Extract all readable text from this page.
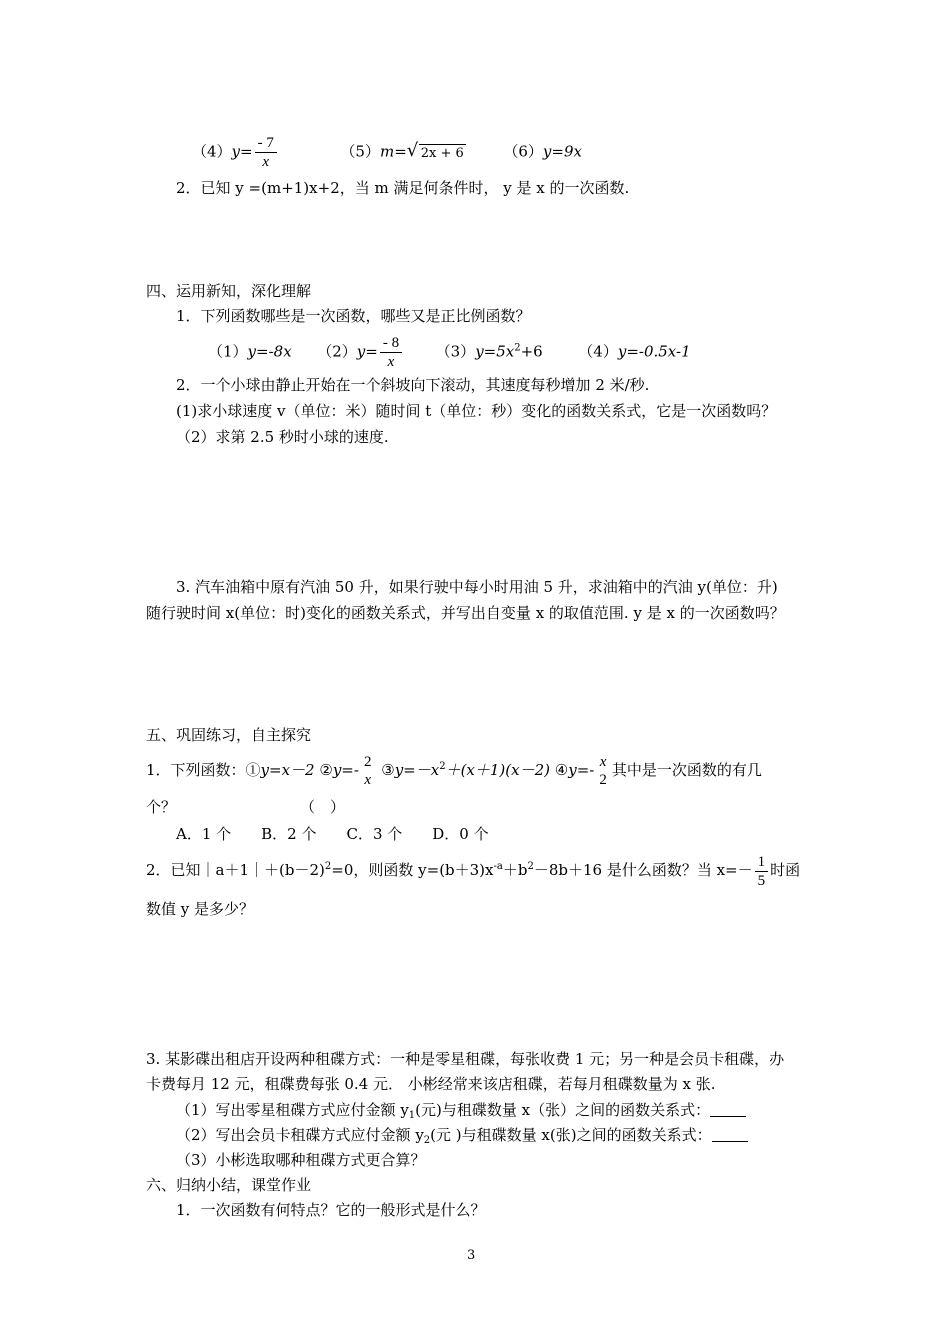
$(4)y= \frac{- 7}{x}$	（5）m= √ 2x + 6	（6）y=9x
2．已知 y =(m+1)x+2，当 m 满足何条件时， y 是 x 的一次函数.
四、运用新知，深化理解
1．下列函数哪些是一次函数，哪些又是正比例函数？
（1）y=-8x $(2)y= \frac{- 8}{x} (3)y=5x^2+6$ （4）y=-0.5x-1
2．一个小球由静止开始在一个斜坡向下滚动，其速度每秒增加 2 米/秒.
(1)求小球速度 v（单位：米）随时间 t（单位：秒）变化的函数关系式，它是一次函数吗？
（2）求第 2.5 秒时小球的速度.
3. 汽车油箱中原有汽油 50 升，如果行驶中每小时用油 5 升，求油箱中的汽油 y(单位：升)
随行驶时间 x(单位：时)变化的函数关系式，并写出自变量 x 的取值范围. y 是 x 的一次函数吗？
五、巩固练习，自主探究
1．下列函数：①y=x－2 ②y=- 2
x
$③y=-x^2+(x+1)(x-2)$ ④y=- x
2
其中是一次函数的有几
个？	（　）
A．1 个　　B．2 个　　C．3 个　　D．0 个
2．已知$|a+1|+(b-2)^2=0$，则函数 $y=(b+3)x^{-a}+b^2-8b+16$ 是什么函数？当 $x=- \frac{1}{5}$ 时函
数值 y 是多少？
3. 某影碟出租店开设两种租碟方式：一种是零星租碟，每张收费 1 元；另一种是会员卡租碟，办
卡费每月 12 元，租碟费每张 0.4 元． 小彬经常来该店租碟，若每月租碟数量为 x 张.
（1）写出零星租碟方式应付金额 $y_1$(元)与租碟数量 x（张）之间的函数关系式：
（2）写出会员卡租碟方式应付金额 $y_2$(元 )与租碟数量 x(张)之间的函数关系式：
（3）小彬选取哪种租碟方式更合算？
六、归纳小结，课堂作业
1．一次函数有何特点？它的一般形式是什么？
3
